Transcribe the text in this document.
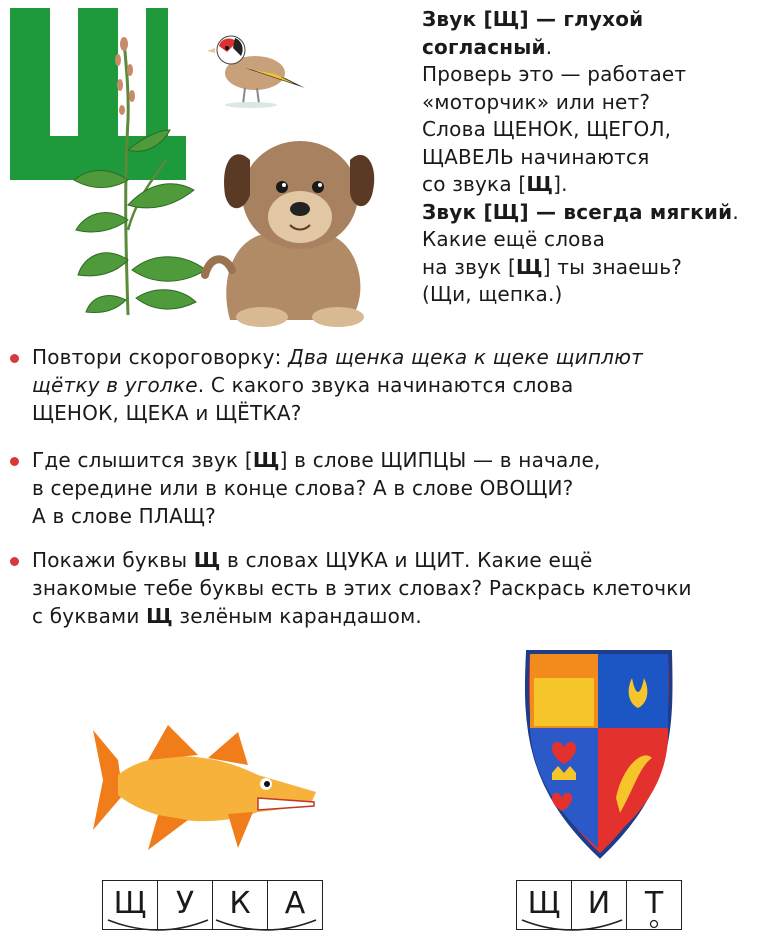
Звук [Щ] — глухой

согласный.

Проверь это — работает

«моторчик» или нет?

Слова ЩЕНОК, ЩЕГОЛ,

ЩАВЕЛЬ начинаются

со звука [Щ].

Звук [Щ] — всегда мягкий.

Какие ещё слова

на звук [Щ] ты знаешь?

(Щи, щепка.)

Повтори скороговорку: Два щенка щека к щеке щиплют

щётку в уголке. С какого звука начинаются слова

ЩЕНОК, ЩЕКА и ЩЁТКА?

Где слышится звук [Щ] в слове ЩИПЦЫ — в начале,

в середине или в конце слова? А в слове ОВОЩИ?

А в слове ПЛАЩ?

Покажи буквы Щ в словах ЩУКА и ЩИТ. Какие ещё

знакомые тебе буквы есть в этих словах? Раскрась клеточки

с буквами Щ зелёным карандашом.

Щ У	К	А	Щ И	Т
